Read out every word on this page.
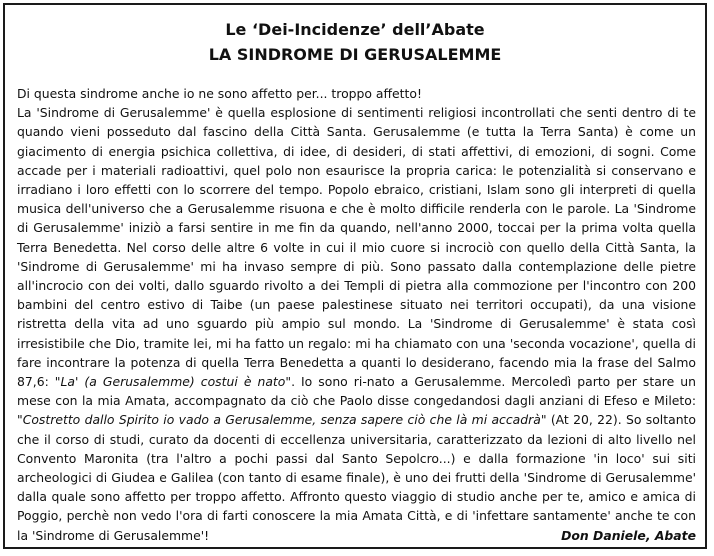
Le ‘Dei-Incidenze’ dell’Abate
LA SINDROME DI GERUSALEMME
Di questa sindrome anche io ne sono affetto per... troppo affetto!
La 'Sindrome di Gerusalemme' è quella esplosione di sentimenti religiosi incontrollati che senti dentro di te quando vieni posseduto dal fascino della Città Santa. Gerusalemme (e tutta la Terra Santa) è come un giacimento di energia psichica collettiva, di idee, di desideri, di stati affettivi, di emozioni, di sogni. Come accade per i materiali radioattivi, quel polo non esaurisce la propria carica: le potenzialità si conservano e irradiano i loro effetti con lo scorrere del tempo. Popolo ebraico, cristiani, Islam sono gli interpreti di quella musica dell'universo che a Gerusalemme risuona e che è molto difficile renderla con le parole. La 'Sindrome di Gerusalemme' iniziò a farsi sentire in me fin da quando, nell'anno 2000, toccai per la prima volta quella Terra Benedetta. Nel corso delle altre 6 volte in cui il mio cuore si incrociò con quello della Città Santa, la 'Sindrome di Gerusalemme' mi ha invaso sempre di più. Sono passato dalla contemplazione delle pietre all'incrocio con dei volti, dallo sguardo rivolto a dei Templi di pietra alla commozione per l'incontro con 200 bambini del centro estivo di Taibe (un paese palestinese situato nei territori occupati), da una visione ristretta della vita ad uno sguardo più ampio sul mondo. La 'Sindrome di Gerusalemme' è stata così irresistibile che Dio, tramite lei, mi ha fatto un regalo: mi ha chiamato con una 'seconda vocazione', quella di fare incontrare la potenza di quella Terra Benedetta a quanti lo desiderano, facendo mia la frase del Salmo 87,6: "La' (a Gerusalemme) costui è nato". Io sono ri-nato a Gerusalemme. Mercoledì parto per stare un mese con la mia Amata, accompagnato da ciò che Paolo disse congedandosi dagli anziani di Efeso e Mileto: "Costretto dallo Spirito io vado a Gerusalemme, senza sapere ciò che là mi accadrà" (At 20, 22). So soltanto che il corso di studi, curato da docenti di eccellenza universitaria, caratterizzato da lezioni di alto livello nel Convento Maronita (tra l'altro a pochi passi dal Santo Sepolcro...) e dalla formazione 'in loco' sui siti archeologici di Giudea e Galilea (con tanto di esame finale), è uno dei frutti della 'Sindrome di Gerusalemme' dalla quale sono affetto per troppo affetto. Affronto questo viaggio di studio anche per te, amico e amica di Poggio, perchè non vedo l'ora di farti conoscere la mia Amata Città, e di 'infettare santamente' anche te con la 'Sindrome di Gerusalemme'!	Don Daniele, Abate
